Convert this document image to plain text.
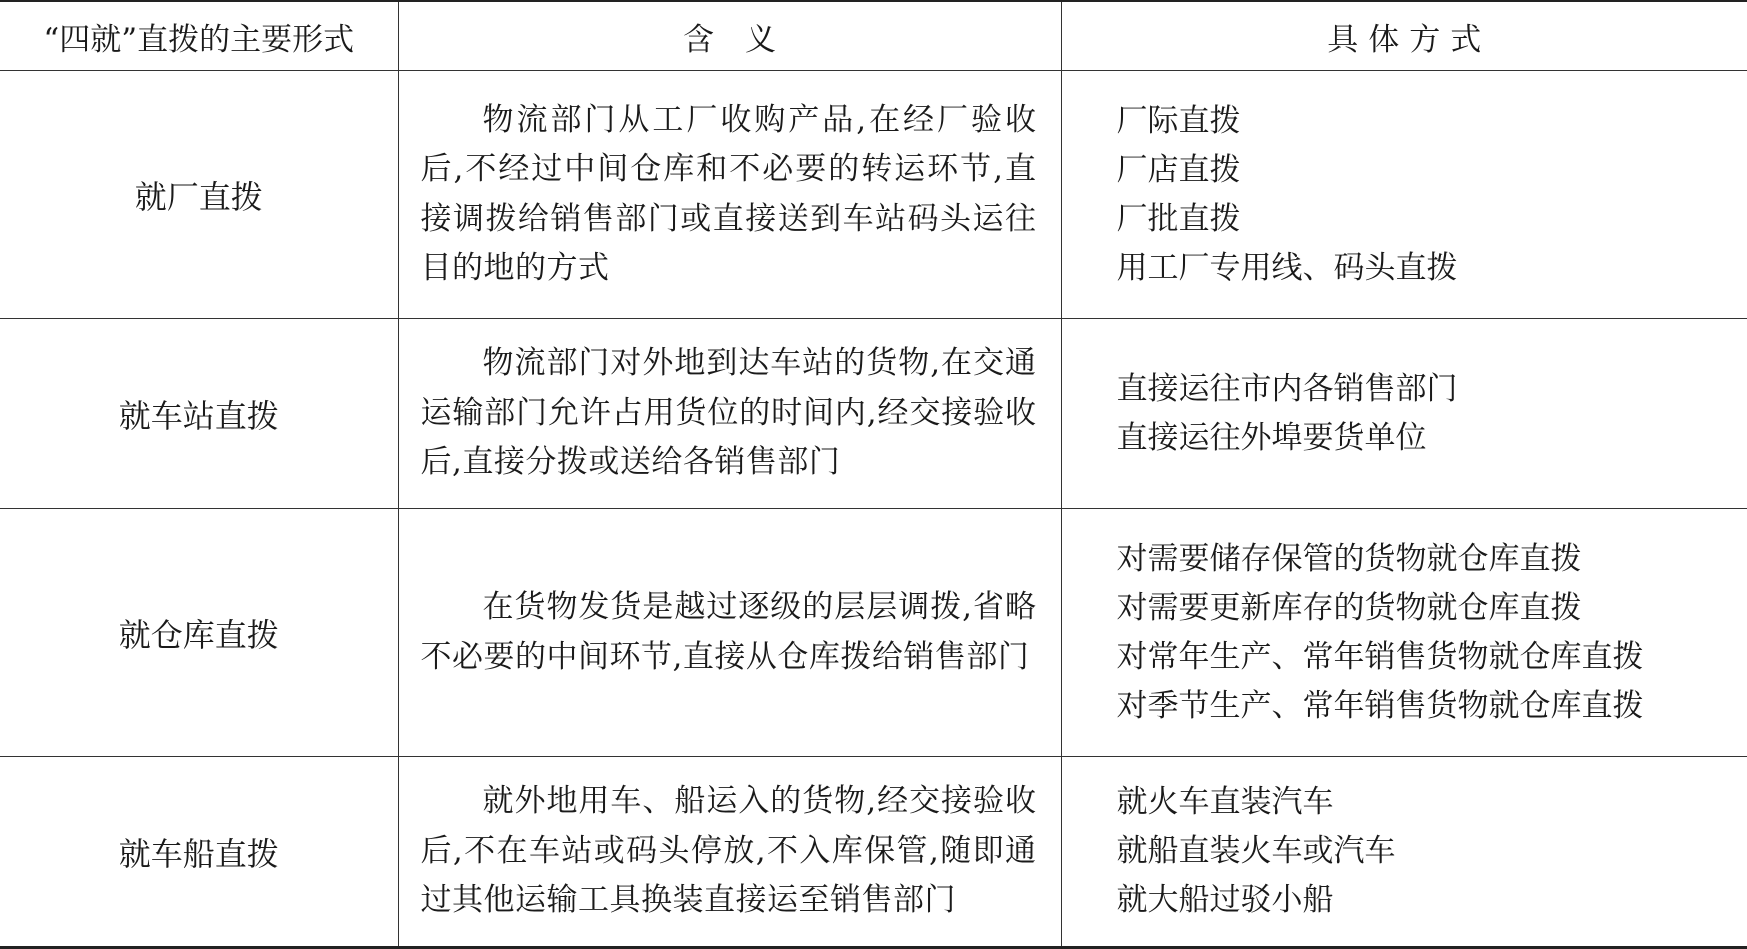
“四就”直拨的主要形式	含　义	具体方式
就厂直拨	物流部门从工厂收购产品,在经厂验收后,不经过中间仓库和不必要的转运环节,直接调拨给销售部门或直接送到车站码头运往目的地的方式	厂际直拨
厂店直拨
厂批直拨
用工厂专用线、码头直拨

就车站直拨	物流部门对外地到达车站的货物,在交通运输部门允许占用货位的时间内,经交接验收后,直接分拨或送给各销售部门	直接运往市内各销售部门
直接运往外埠要货单位

就仓库直拨	在货物发货是越过逐级的层层调拨,省略不必要的中间环节,直接从仓库拨给销售部门	对需要储存保管的货物就仓库直拨
对需要更新库存的货物就仓库直拨
对常年生产、常年销售货物就仓库直拨
对季节生产、常年销售货物就仓库直拨

就车船直拨	就外地用车、船运入的货物,经交接验收后,不在车站或码头停放,不入库保管,随即通过其他运输工具换装直接运至销售部门	就火车直装汽车
就船直装火车或汽车
就大船过驳小船
